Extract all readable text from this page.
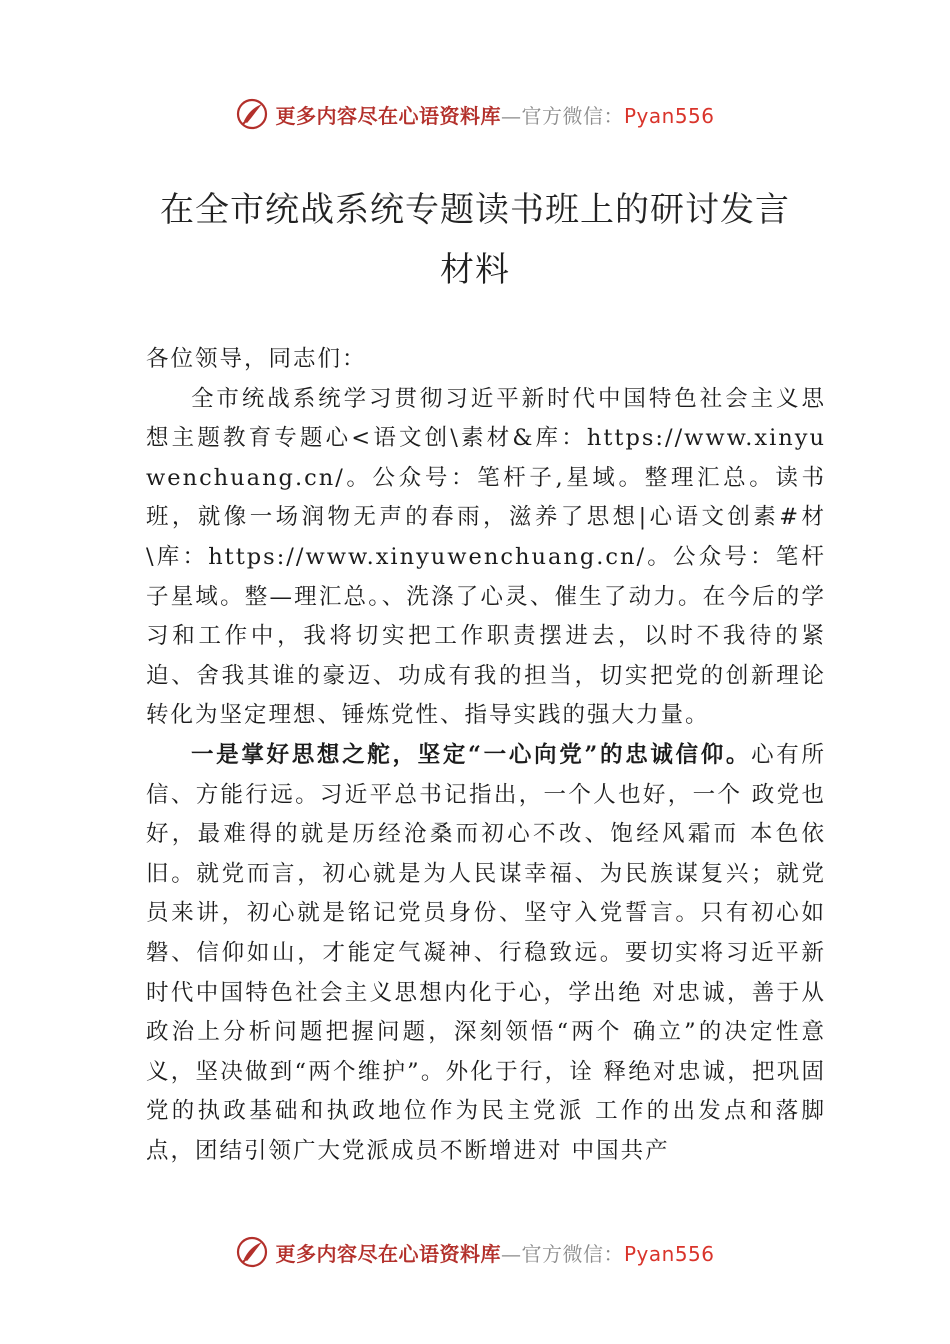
更多内容尽在心语资料库—官方微信：Pyan556
在全市统战系统专题读书班上的研讨发言
材料

各位领导，同志们：

全市统战系统学习贯彻习近平新时代中国特色社会主义思想主题教育专题心<语文创\素材&库：https://www.xinyuwenchuang.cn/。公众号：笔杆子,星域。整理汇总。读书班，就像一场润物无声的春雨，滋养了思想|心语文创素#材\库：https://www.xinyuwenchuang.cn/。公众号：笔杆子星域。整—理汇总。、洗涤了心灵、催生了动力。在今后的学习和工作中，我将切实把工作职责摆进去，以时不我待的紧迫、舍我其谁的豪迈、功成有我的担当，切实把党的创新理论转化为坚定理想、锤炼党性、指导实践的强大力量。

一是掌好思想之舵，坚定“一心向党”的忠诚信仰。心有所信、方能行远。习近平总书记指出，一个人也好，一个 政党也好，最难得的就是历经沧桑而初心不改、饱经风霜而 本色依旧。就党而言，初心就是为人民谋幸福、为民族谋复兴；就党员来讲，初心就是铭记党员身份、坚守入党誓言。只有初心如磐、信仰如山，才能定气凝神、行稳致远。要切实将习近平新时代中国特色社会主义思想内化于心，学出绝 对忠诚，善于从政治上分析问题把握问题，深刻领悟“两个 确立”的决定性意义，坚决做到“两个维护”。外化于行，诠 释绝对忠诚，把巩固党的执政基础和执政地位作为民主党派 工作的出发点和落脚点，团结引领广大党派成员不断增进对 中国共产

更多内容尽在心语资料库—官方微信：Pyan556
